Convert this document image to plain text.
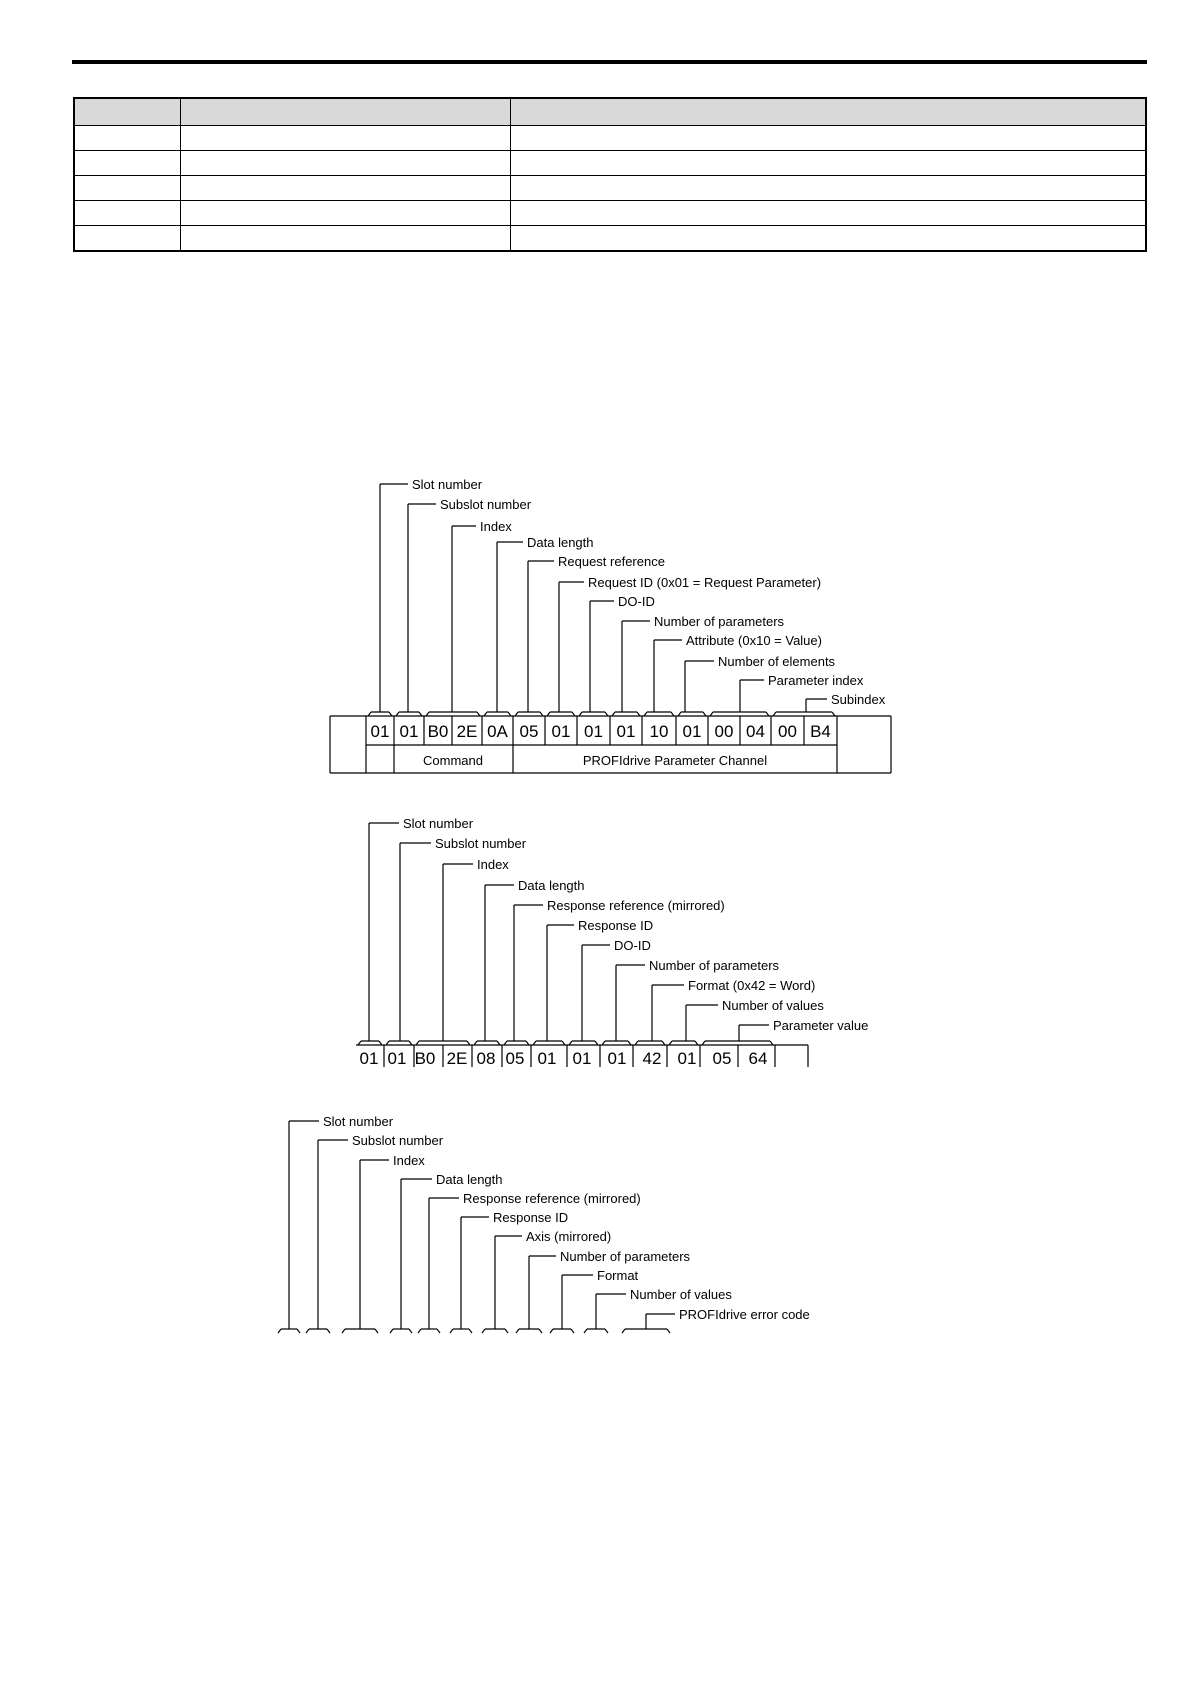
01 01 B0 2E 0A 05 01 01 01 10 01 00 04 00 B4
Command	PROFIdrive Parameter Channel
Slot number
Subslot number
Index
Data length
Request reference
Request ID (0x01 = Request Parameter)
DO-ID
Number of parameters
Attribute (0x10 = Value)
Number of elements
Parameter index
Subindex
01 01 B0 2E 08 05 01 01 01 42 01 05 64
Slot number
Subslot number
Index
Data length
Response reference (mirrored)
Response ID
DO-ID
Number of parameters
Format (0x42 = Word)
Number of values
Parameter value
Slot number
Subslot number
Index
Data length
Response reference (mirrored)
Response ID
Axis (mirrored)
Number of parameters
Format
Number of values
PROFIdrive error code
